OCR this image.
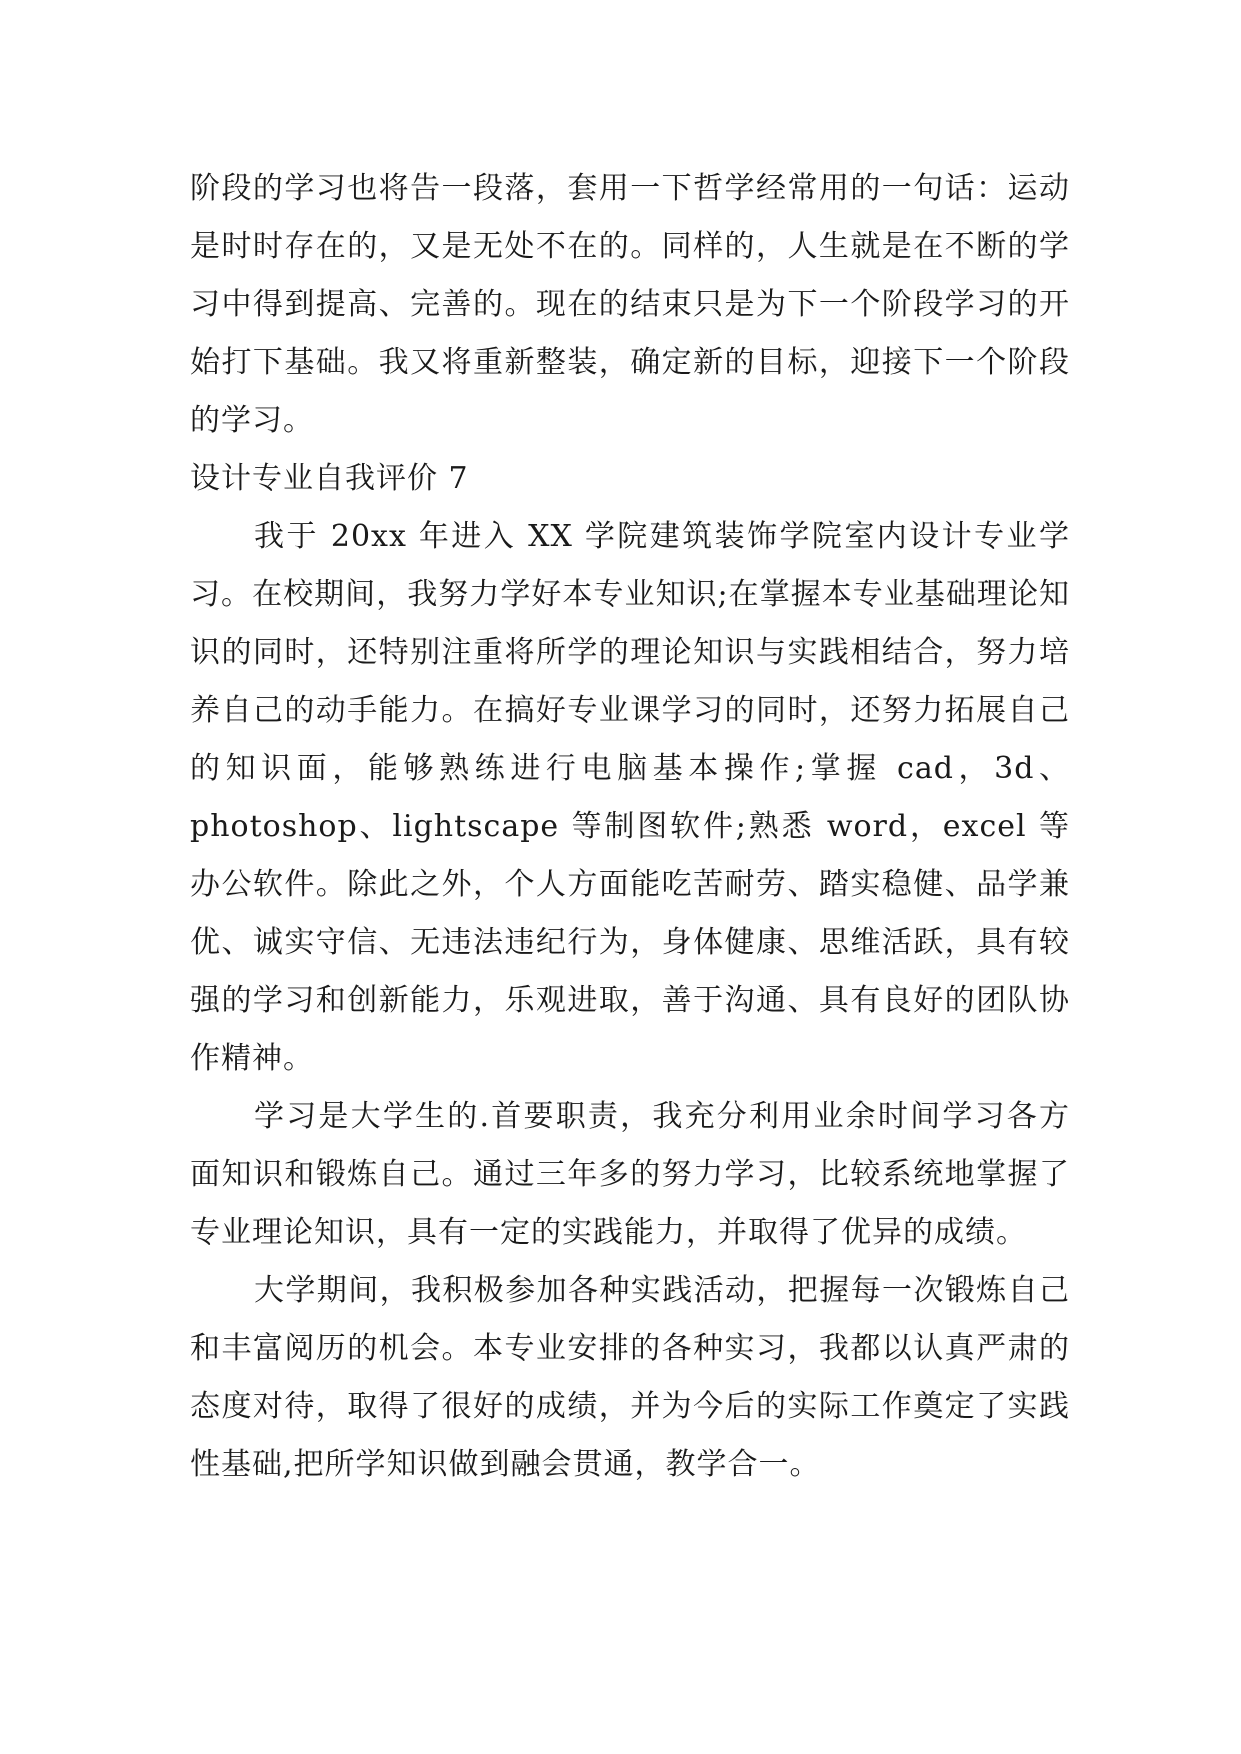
阶段的学习也将告一段落，套用一下哲学经常用的一句话：运动是时时存在的，又是无处不在的。同样的，人生就是在不断的学习中得到提高、完善的。现在的结束只是为下一个阶段学习的开始打下基础。我又将重新整装，确定新的目标，迎接下一个阶段的学习。

设计专业自我评价 7

我于 20xx 年进入 XX 学院建筑装饰学院室内设计专业学习。在校期间，我努力学好本专业知识;在掌握本专业基础理论知识的同时，还特别注重将所学的理论知识与实践相结合，努力培养自己的动手能力。在搞好专业课学习的同时，还努力拓展自己的知识面，能够熟练进行电脑基本操作;掌握 cad，3d、photoshop、lightscape 等制图软件;熟悉 word，excel 等办公软件。除此之外，个人方面能吃苦耐劳、踏实稳健、品学兼优、诚实守信、无违法违纪行为，身体健康、思维活跃，具有较强的学习和创新能力，乐观进取，善于沟通、具有良好的团队协作精神。

学习是大学生的.首要职责，我充分利用业余时间学习各方面知识和锻炼自己。通过三年多的努力学习，比较系统地掌握了专业理论知识，具有一定的实践能力，并取得了优异的成绩。

大学期间，我积极参加各种实践活动，把握每一次锻炼自己和丰富阅历的机会。本专业安排的各种实习，我都以认真严肃的态度对待，取得了很好的成绩，并为今后的实际工作奠定了实践性基础,把所学知识做到融会贯通，教学合一。
